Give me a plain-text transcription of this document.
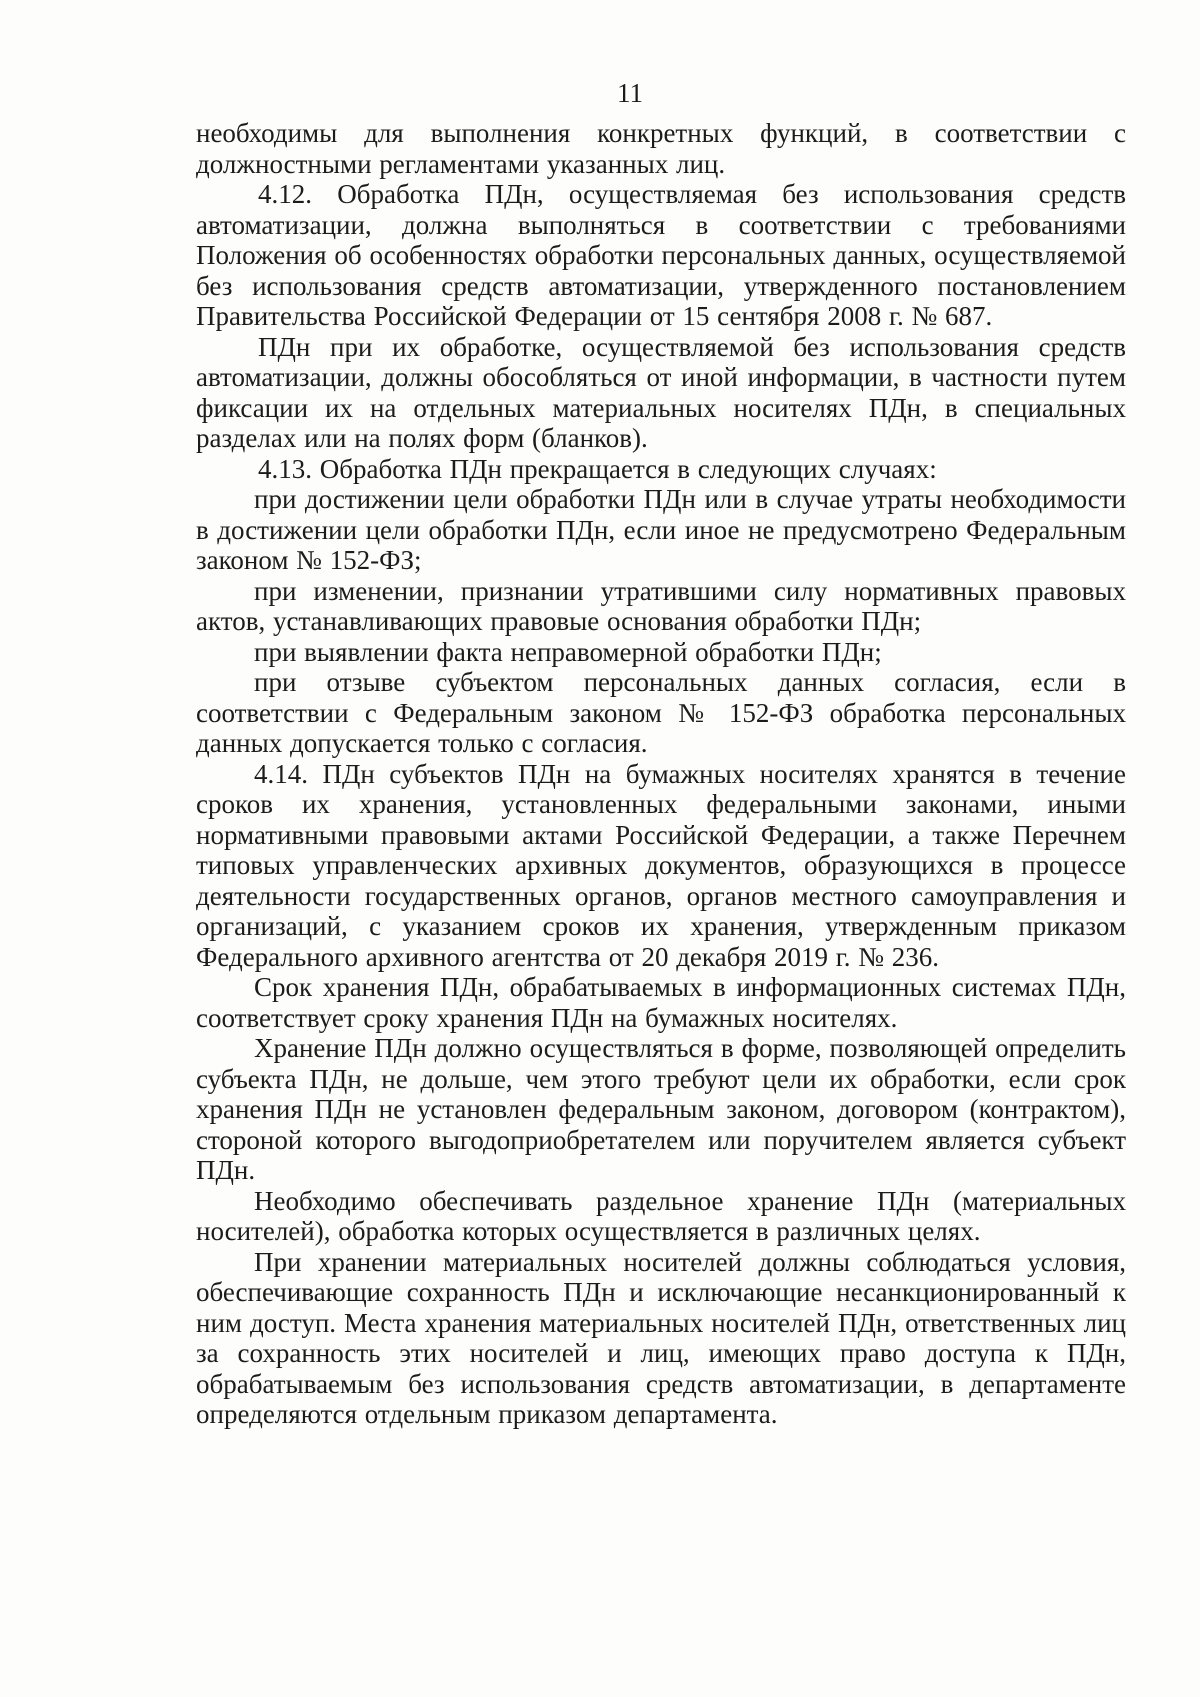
11

необходимы для выполнения конкретных функций, в соответствии с должностными регламентами указанных лиц.

4.12. Обработка ПДн, осуществляемая без использования средств автоматизации, должна выполняться в соответствии с требованиями Положения об особенностях обработки персональных данных, осуществляемой без использования средств автоматизации, утвержденного постановлением Правительства Российской Федерации от 15 сентября 2008 г. № 687.

ПДн при их обработке, осуществляемой без использования средств автоматизации, должны обособляться от иной информации, в частности путем фиксации их на отдельных материальных носителях ПДн, в специальных разделах или на полях форм (бланков).

4.13. Обработка ПДн прекращается в следующих случаях:

при достижении цели обработки ПДн или в случае утраты необходимости в достижении цели обработки ПДн, если иное не предусмотрено Федеральным законом № 152-ФЗ;

при изменении, признании утратившими силу нормативных правовых актов, устанавливающих правовые основания обработки ПДн;

при выявлении факта неправомерной обработки ПДн;

при отзыве субъектом персональных данных согласия, если в соответствии с Федеральным законом № 152-ФЗ обработка персональных данных допускается только с согласия.

4.14. ПДн субъектов ПДн на бумажных носителях хранятся в течение сроков их хранения, установленных федеральными законами, иными нормативными правовыми актами Российской Федерации, а также Перечнем типовых управленческих архивных документов, образующихся в процессе деятельности государственных органов, органов местного самоуправления и организаций, с указанием сроков их хранения, утвержденным приказом Федерального архивного агентства от 20 декабря 2019 г. № 236.

Срок хранения ПДн, обрабатываемых в информационных системах ПДн, соответствует сроку хранения ПДн на бумажных носителях.

Хранение ПДн должно осуществляться в форме, позволяющей определить субъекта ПДн, не дольше, чем этого требуют цели их обработки, если срок хранения ПДн не установлен федеральным законом, договором (контрактом), стороной которого выгодоприобретателем или поручителем является субъект ПДн.

Необходимо обеспечивать раздельное хранение ПДн (материальных носителей), обработка которых осуществляется в различных целях.

При хранении материальных носителей должны соблюдаться условия, обеспечивающие сохранность ПДн и исключающие несанкционированный к ним доступ. Места хранения материальных носителей ПДн, ответственных лиц за сохранность этих носителей и лиц, имеющих право доступа к ПДн, обрабатываемым без использования средств автоматизации, в департаменте определяются отдельным приказом департамента.
